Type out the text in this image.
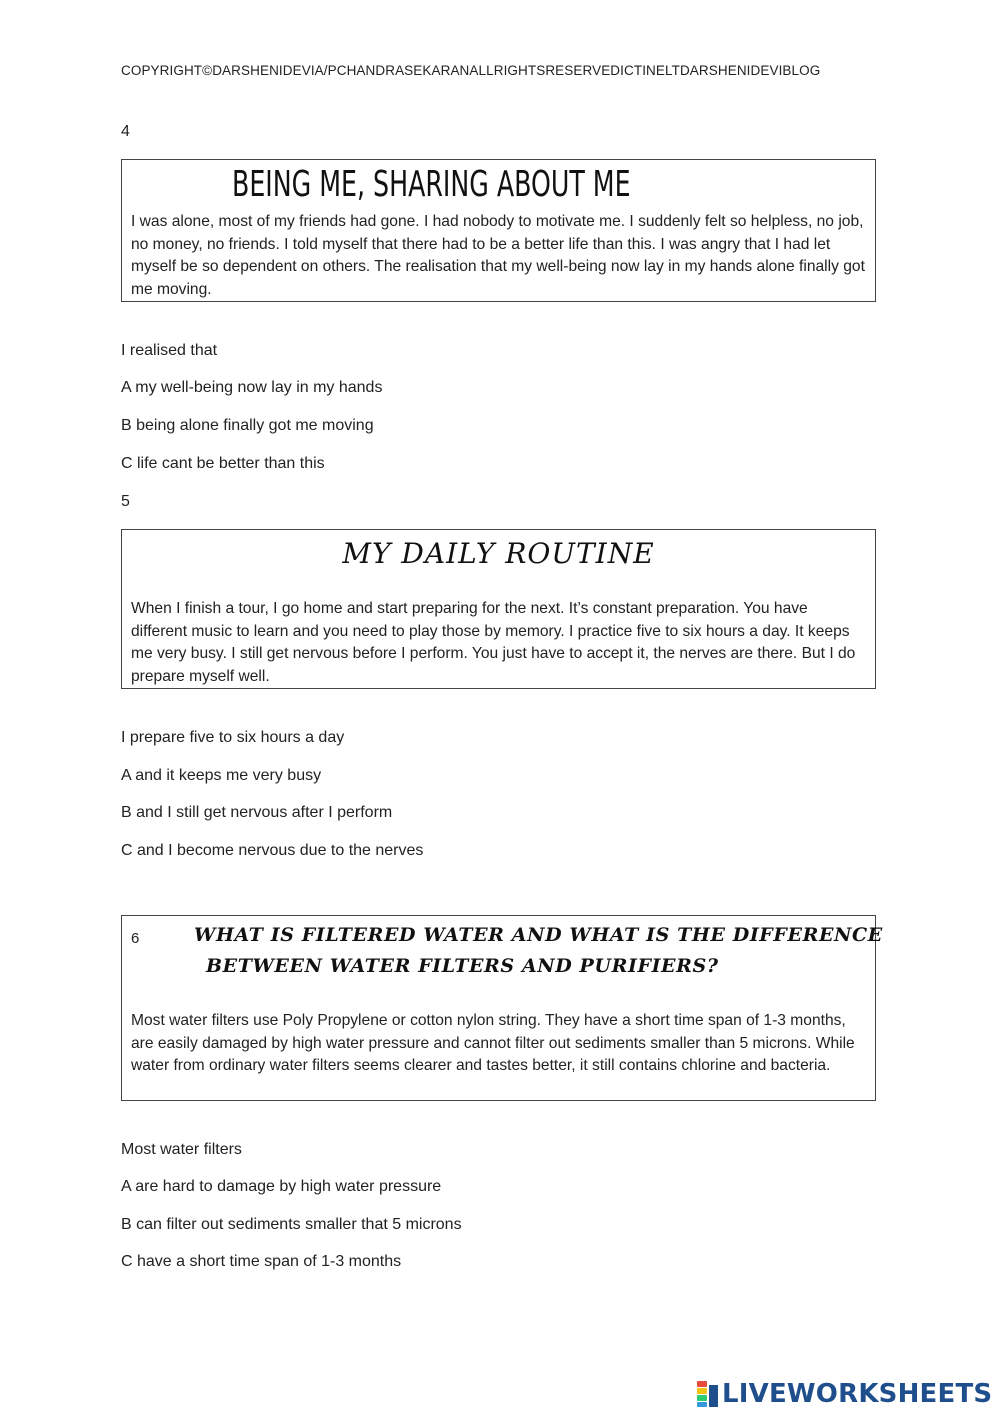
COPYRIGHT©DARSHENIDEVIA/PCHANDRASEKARANALLRIGHTSRESERVEDICTINELTDARSHENIDEVIBLOG
4
BEING ME, SHARING ABOUT ME
I was alone, most of my friends had gone. I had nobody to motivate me. I suddenly felt so helpless, no job, no money, no friends. I told myself that there had to be a better life than this. I was angry that I had let myself be so dependent on others. The realisation that my well-being now lay in my hands alone finally got me moving.
I realised that
A my well-being now lay in my hands
B being alone finally got me moving
C life cant be better than this
5
MY DAILY ROUTINE
When I finish a tour, I go home and start preparing for the next. It’s constant preparation. You have different music to learn and you need to play those by memory. I practice five to six hours a day. It keeps me very busy. I still get nervous before I perform. You just have to accept it, the nerves are there. But I do prepare myself well.
I prepare five to six hours a day
A and it keeps me very busy
B and I still get nervous after I perform
C and I become nervous due to the nerves
6	WHAT IS FILTERED WATER AND WHAT IS THE DIFFERENCE
BETWEEN WATER FILTERS AND PURIFIERS?
Most water filters use Poly Propylene or cotton nylon string. They have a short time span of 1-3 months, are easily damaged by high water pressure and cannot filter out sediments smaller than 5 microns. While water from ordinary water filters seems clearer and tastes better, it still contains chlorine and bacteria.
Most water filters
A are hard to damage by high water pressure
B can filter out sediments smaller that 5 microns
C have a short time span of 1-3 months
LIVEWORKSHEETS
